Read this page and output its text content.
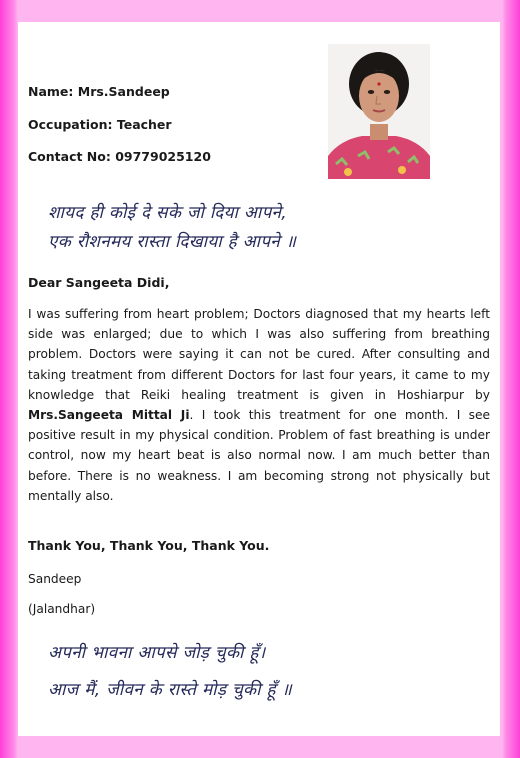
Name: Mrs.Sandeep
Occupation: Teacher
Contact No: 09779025120
शायद ही कोई दे सके जो दिया आपने,
एक रौशनमय रास्ता दिखाया है आपने ॥
Dear Sangeeta Didi,
I was suffering from heart problem; Doctors diagnosed that my hearts left side was enlarged; due to which I was also suffering from breathing problem. Doctors were saying it can not be cured. After consulting and taking treatment from different Doctors for last four years, it came to my knowledge that Reiki healing treatment is given in Hoshiarpur by Mrs.Sangeeta Mittal Ji. I took this treatment for one month. I see positive result in my physical condition. Problem of fast breathing is under control, now my heart beat is also normal now. I am much better than before. There is no weakness. I am becoming strong not physically but mentally also.
Thank You, Thank You, Thank You.
Sandeep
(Jalandhar)
अपनी भावना आपसे जोड़ चुकी हूँ।
आज मैं, जीवन के रास्ते मोड़ चुकी हूँ ॥
